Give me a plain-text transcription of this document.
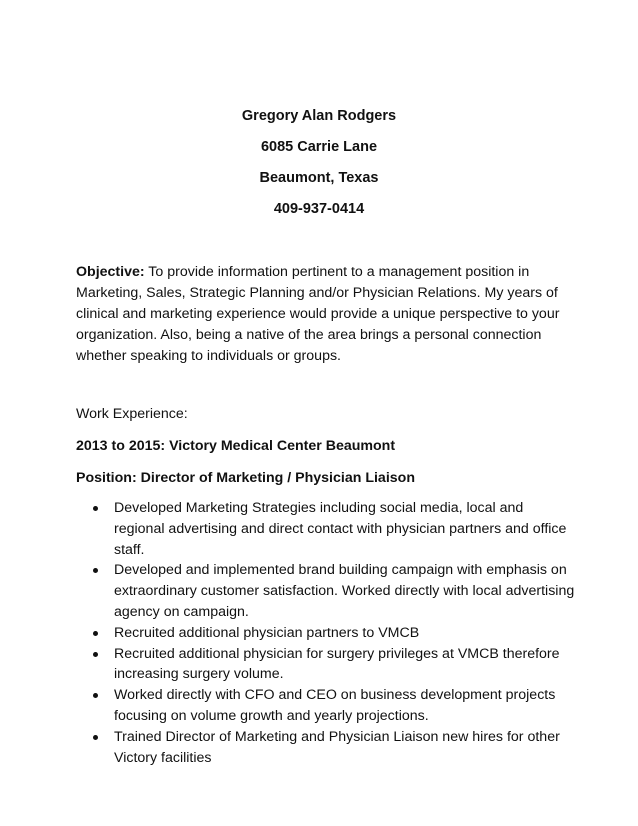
Gregory Alan Rodgers
6085 Carrie Lane
Beaumont, Texas
409-937-0414
Objective: To provide information pertinent to a management position in Marketing, Sales, Strategic Planning and/or Physician Relations. My years of clinical and marketing experience would provide a unique perspective to your organization. Also, being a native of the area brings a personal connection whether speaking to individuals or groups.
Work Experience:
2013 to 2015: Victory Medical Center Beaumont
Position: Director of Marketing / Physician Liaison
Developed Marketing Strategies including social media, local and regional advertising and direct contact with physician partners and office staff.
Developed and implemented brand building campaign with emphasis on extraordinary customer satisfaction. Worked directly with local advertising agency on campaign.
Recruited additional physician partners to VMCB
Recruited additional physician for surgery privileges at VMCB therefore increasing surgery volume.
Worked directly with CFO and CEO on business development projects focusing on volume growth and yearly projections.
Trained Director of Marketing and Physician Liaison new hires for other Victory facilities
